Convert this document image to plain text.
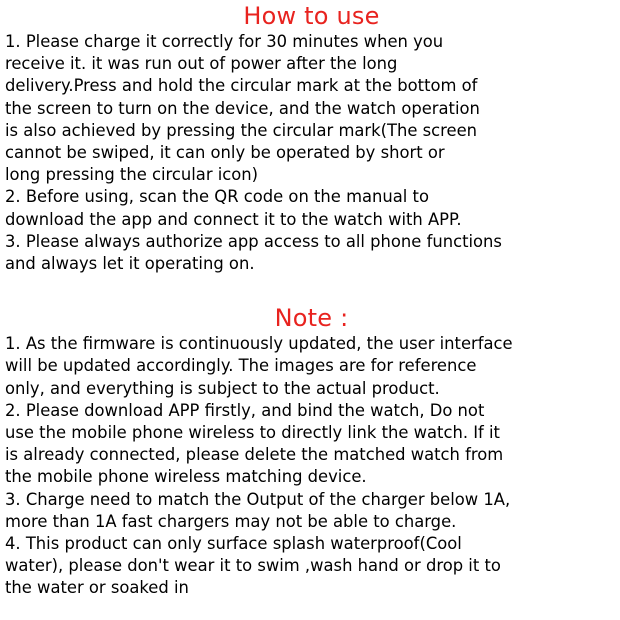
How to use
1. Please charge it correctly for 30 minutes when you
receive it. it was run out of power after the long
delivery.Press and hold the circular mark at the bottom of
the screen to turn on the device, and the watch operation
is also achieved by pressing the circular mark(The screen
cannot be swiped, it can only be operated by short or
long pressing the circular icon)
2. Before using, scan the QR code on the manual to
download the app and connect it to the watch with APP.
3. Please always authorize app access to all phone functions
and always let it operating on.
Note :
1. As the firmware is continuously updated, the user interface
will be updated accordingly. The images are for reference
only, and everything is subject to the actual product.
2. Please download APP firstly, and bind the watch, Do not
use the mobile phone wireless to directly link the watch. If it
is already connected, please delete the matched watch from
the mobile phone wireless matching device.
3. Charge need to match the Output of the charger below 1A,
more than 1A fast chargers may not be able to charge.
4. This product can only surface splash waterproof(Cool
water), please don't wear it to swim ,wash hand or drop it to
the water or soaked in
